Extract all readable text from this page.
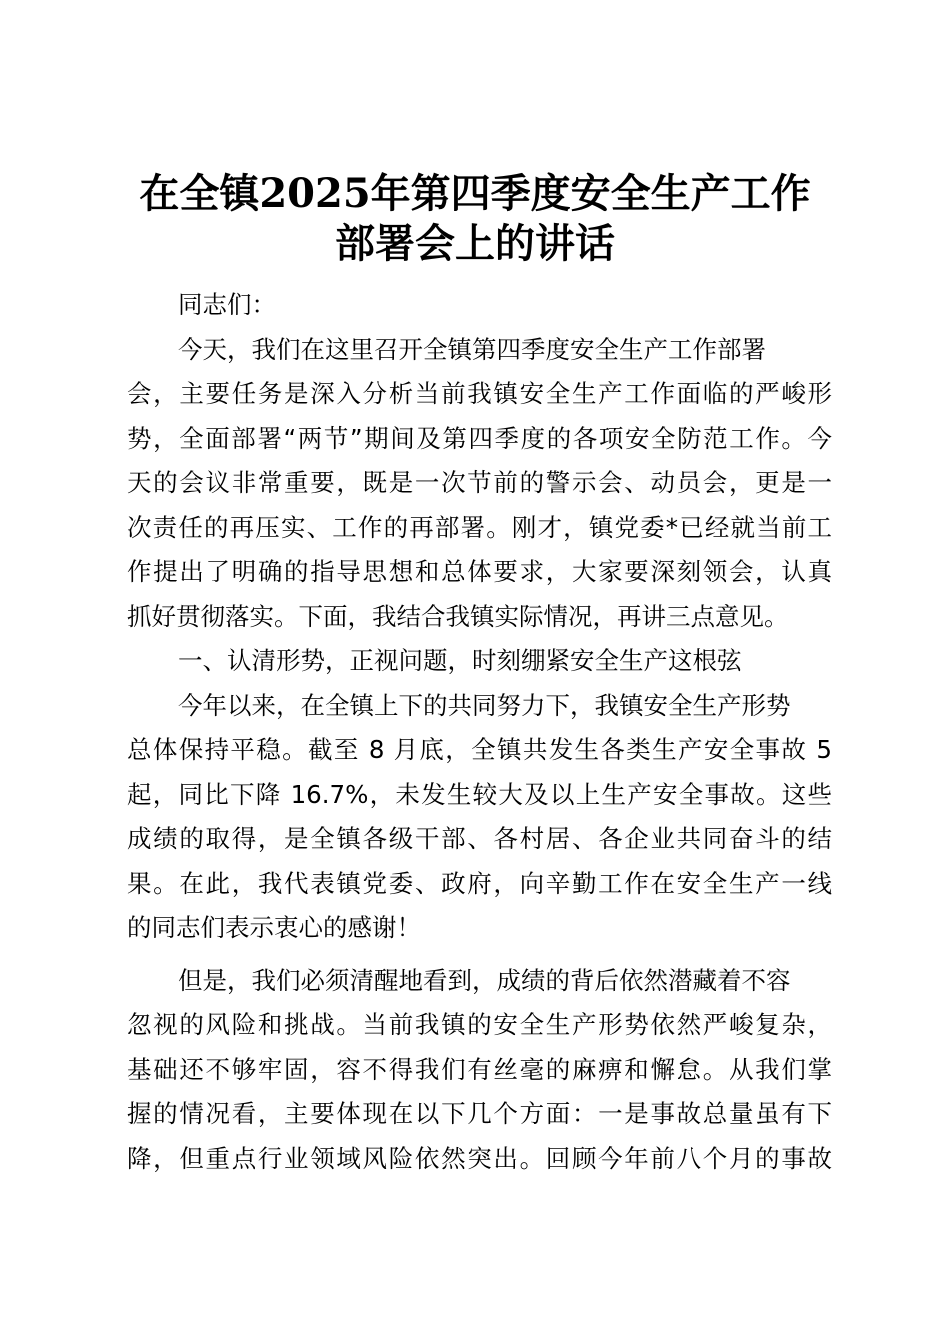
在全镇2025年第四季度安全生产工作
部署会上的讲话
同志们：
今天，我们在这里召开全镇第四季度安全生产工作部署
会，主要任务是深入分析当前我镇安全生产工作面临的严峻形
势，全面部署“两节”期间及第四季度的各项安全防范工作。今
天的会议非常重要，既是一次节前的警示会、动员会，更是一
次责任的再压实、工作的再部署。刚才，镇党委*已经就当前工
作提出了明确的指导思想和总体要求，大家要深刻领会，认真
抓好贯彻落实。下面，我结合我镇实际情况，再讲三点意见。
一、认清形势，正视问题，时刻绷紧安全生产这根弦
今年以来，在全镇上下的共同努力下，我镇安全生产形势
总体保持平稳。截至 8 月底，全镇共发生各类生产安全事故 5
起，同比下降 16.7%，未发生较大及以上生产安全事故。这些
成绩的取得，是全镇各级干部、各村居、各企业共同奋斗的结
果。在此，我代表镇党委、政府，向辛勤工作在安全生产一线
的同志们表示衷心的感谢！
但是，我们必须清醒地看到，成绩的背后依然潜藏着不容
忽视的风险和挑战。当前我镇的安全生产形势依然严峻复杂，
基础还不够牢固，容不得我们有丝毫的麻痹和懈怠。从我们掌
握的情况看，主要体现在以下几个方面：一是事故总量虽有下
降，但重点行业领域风险依然突出。回顾今年前八个月的事故
